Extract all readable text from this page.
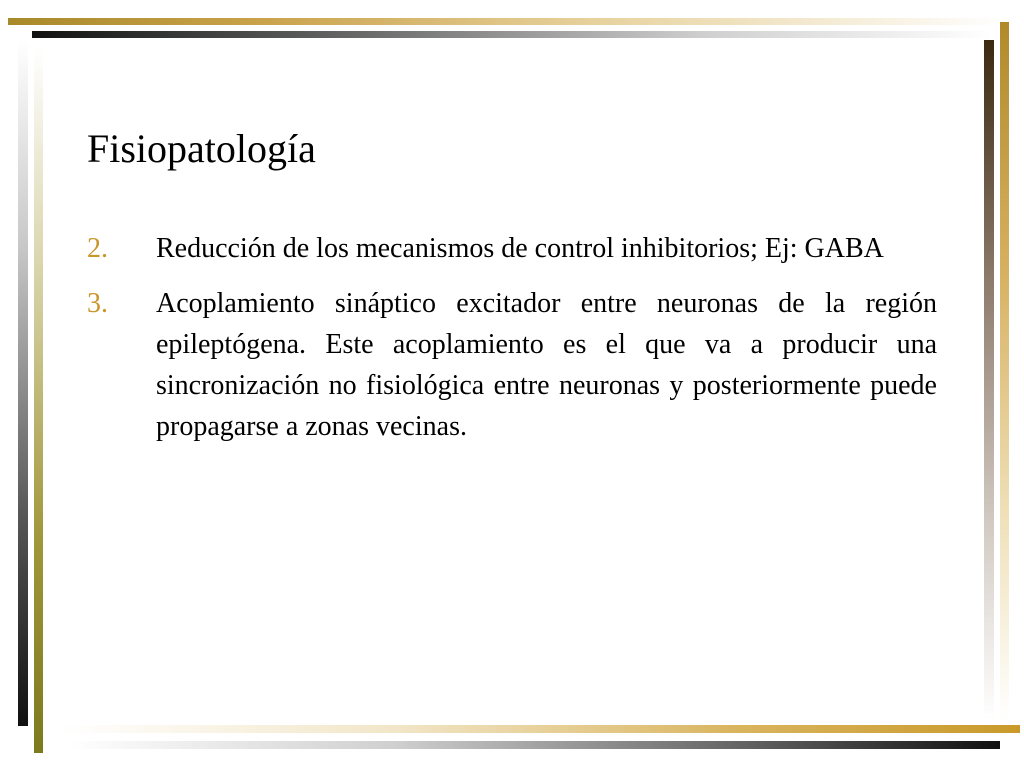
Fisiopatología
2.	Reducción de los mecanismos de control inhibitorios; Ej: GABA
3.	Acoplamiento sináptico excitador entre neuronas de la región epileptógena. Este acoplamiento es el que va a producir una sincronización no fisiológica entre neuronas y posteriormente puede propagarse a zonas vecinas.
